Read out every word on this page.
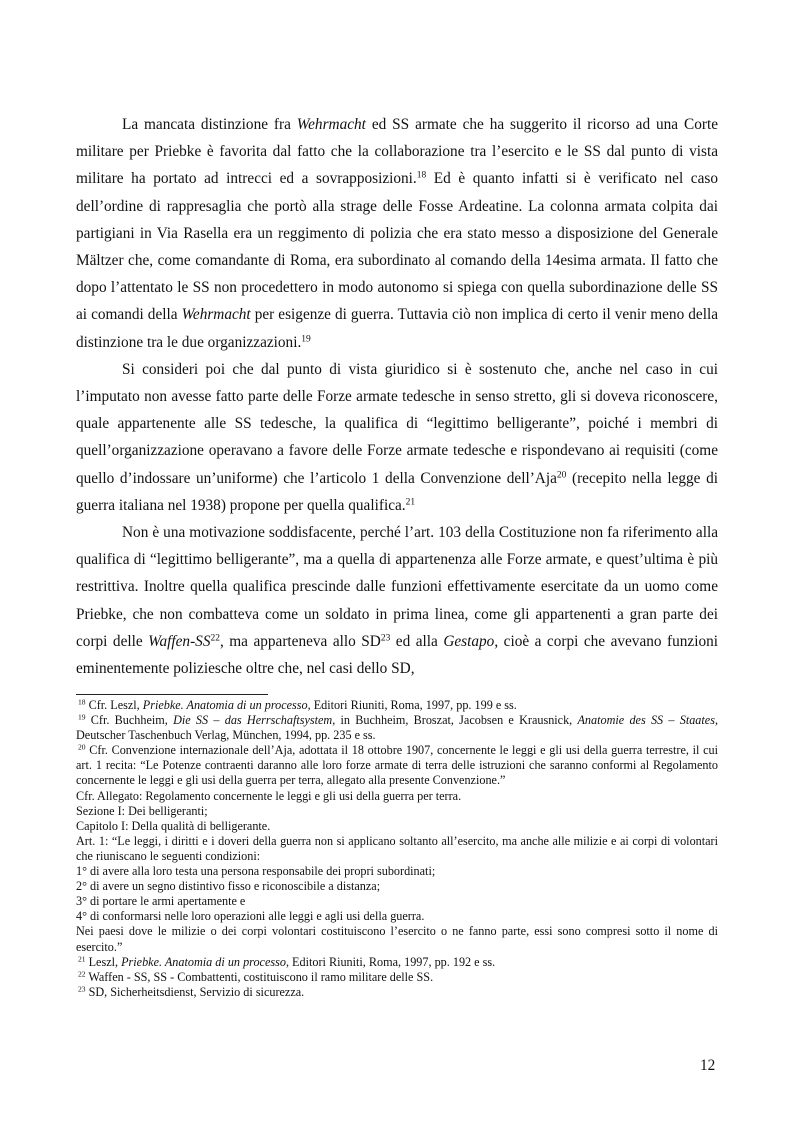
La mancata distinzione fra Wehrmacht ed SS armate che ha suggerito il ricorso ad una Corte militare per Priebke è favorita dal fatto che la collaborazione tra l’esercito e le SS dal punto di vista militare ha portato ad intrecci ed a sovrapposizioni.$^{18}$ Ed è quanto infatti si è verificato nel caso dell’ordine di rappresaglia che portò alla strage delle Fosse Ardeatine. La colonna armata colpita dai partigiani in Via Rasella era un reggimento di polizia che era stato messo a disposizione del Generale Mältzer che, come comandante di Roma, era subordinato al comando della 14esima armata. Il fatto che dopo l’attentato le SS non procedettero in modo autonomo si spiega con quella subordinazione delle SS ai comandi della Wehrmacht per esigenze di guerra. Tuttavia ciò non implica di certo il venir meno della distinzione tra le due organizzazioni.$^{19}$

Si consideri poi che dal punto di vista giuridico si è sostenuto che, anche nel caso in cui l’imputato non avesse fatto parte delle Forze armate tedesche in senso stretto, gli si doveva riconoscere, quale appartenente alle SS tedesche, la qualifica di “legittimo belligerante”, poiché i membri di quell’organizzazione operavano a favore delle Forze armate tedesche e rispondevano ai requisiti (come quello d’indossare un’uniforme) che l’articolo 1 della Convenzione dell’Aja$^{20}$ (recepito nella legge di guerra italiana nel 1938) propone per quella qualifica.$^{21}$

Non è una motivazione soddisfacente, perché l’art. 103 della Costituzione non fa riferimento alla qualifica di “legittimo belligerante”, ma a quella di appartenenza alle Forze armate, e quest’ultima è più restrittiva. Inoltre quella qualifica prescinde dalle funzioni effettivamente esercitate da un uomo come Priebke, che non combatteva come un soldato in prima linea, come gli appartenenti a gran parte dei corpi delle Waffen-SS$^{22}$, ma apparteneva allo SD$^{23}$ ed alla Gestapo, cioè a corpi che avevano funzioni eminentemente poliziesche oltre che, nel casi dello SD,

$^{18}$ Cfr. Leszl, Priebke. Anatomia di un processo, Editori Riuniti, Roma, 1997, pp. 199 e ss.

$^{19}$ Cfr. Buchheim, Die SS – das Herrschaftsystem, in Buchheim, Broszat, Jacobsen e Krausnick, Anatomie des SS – Staates, Deutscher Taschenbuch Verlag, München, 1994, pp. 235 e ss.

$^{20}$ Cfr. Convenzione internazionale dell’Aja, adottata il 18 ottobre 1907, concernente le leggi e gli usi della guerra terrestre, il cui art. 1 recita: “Le Potenze contraenti daranno alle loro forze armate di terra delle istruzioni che saranno conformi al Regolamento concernente le leggi e gli usi della guerra per terra, allegato alla presente Convenzione.”

Cfr. Allegato: Regolamento concernente le leggi e gli usi della guerra per terra.

Sezione I: Dei belligeranti;

Capitolo I: Della qualità di belligerante.

Art. 1: “Le leggi, i diritti e i doveri della guerra non si applicano soltanto all’esercito, ma anche alle milizie e ai corpi di volontari che riuniscano le seguenti condizioni:

1° di avere alla loro testa una persona responsabile dei propri subordinati;

2° di avere un segno distintivo fisso e riconoscibile a distanza;

3° di portare le armi apertamente e

4° di conformarsi nelle loro operazioni alle leggi e agli usi della guerra.

Nei paesi dove le milizie o dei corpi volontari costituiscono l’esercito o ne fanno parte, essi sono compresi sotto il nome di esercito.”

$^{21}$ Leszl, Priebke. Anatomia di un processo, Editori Riuniti, Roma, 1997, pp. 192 e ss.

$^{22}$ Waffen - SS, SS - Combattenti, costituiscono il ramo militare delle SS.

$^{23}$ SD, Sicherheitsdienst, Servizio di sicurezza.

12
